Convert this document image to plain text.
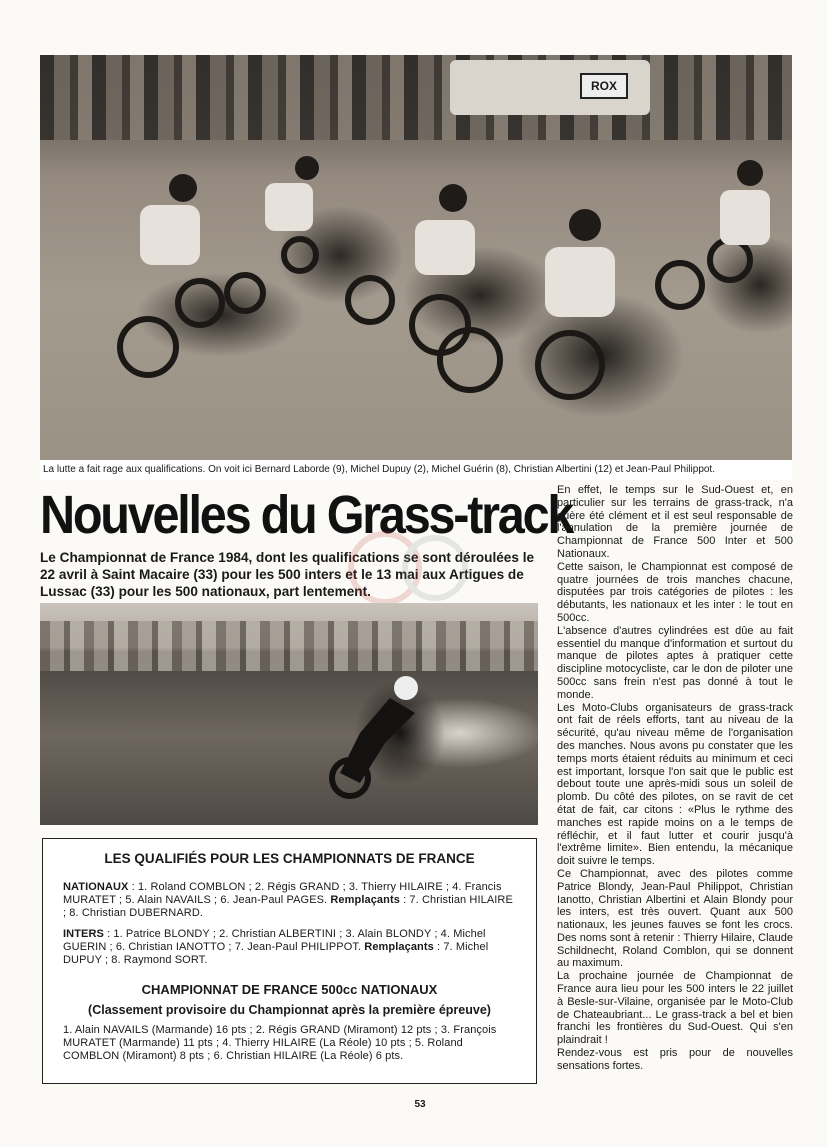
ROX
La lutte a fait rage aux qualifications. On voit ici Bernard Laborde (9), Michel Dupuy (2), Michel Guérin (8), Christian Albertini (12) et Jean-Paul Philippot.
Nouvelles du Grass-track

Le Championnat de France 1984, dont les qualifications se sont déroulées le 22 avril à Saint Macaire (33) pour les 500 inters et le 13 mai aux Artigues de Lussac (33) pour les 500 nationaux, part lentement.

LES QUALIFIÉS POUR LES CHAMPIONNATS DE FRANCE

NATIONAUX : 1. Roland COMBLON ; 2. Régis GRAND ; 3. Thierry HILAIRE ; 4. Francis MURATET ; 5. Alain NAVAILS ; 6. Jean-Paul PAGES. Remplaçants : 7. Christian HILAIRE ; 8. Christian DUBERNARD.

INTERS : 1. Patrice BLONDY ; 2. Christian ALBERTINI ; 3. Alain BLONDY ; 4. Michel GUERIN ; 6. Christian IANOTTO ; 7. Jean-Paul PHILIPPOT. Remplaçants : 7. Michel DUPUY ; 8. Raymond SORT.

CHAMPIONNAT DE FRANCE 500cc NATIONAUX
(Classement provisoire du Championnat après la première épreuve)

1. Alain NAVAILS (Marmande) 16 pts ; 2. Régis GRAND (Miramont) 12 pts ; 3. François MURATET (Marmande) 11 pts ; 4. Thierry HILAIRE (La Réole) 10 pts ; 5. Roland COMBLON (Miramont) 8 pts ; 6. Christian HILAIRE (La Réole) 6 pts.

En effet, le temps sur le Sud-Ouest et, en particulier sur les terrains de grass-track, n'a guère été clément et il est seul responsable de l'annulation de la première journée de Championnat de France 500 Inter et 500 Nationaux.

Cette saison, le Championnat est composé de quatre journées de trois manches chacune, disputées par trois catégories de pilotes : les débutants, les nationaux et les inter : le tout en 500cc.

L'absence d'autres cylindrées est dûe au fait essentiel du manque d'information et surtout du manque de pilotes aptes à pratiquer cette discipline motocycliste, car le don de piloter une 500cc sans frein n'est pas donné à tout le monde.

Les Moto-Clubs organisateurs de grass-track ont fait de réels efforts, tant au niveau de la sécurité, qu'au niveau même de l'organisation des manches. Nous avons pu constater que les temps morts étaient réduits au minimum et ceci est important, lorsque l'on sait que le public est debout toute une après-midi sous un soleil de plomb. Du côté des pilotes, on se ravit de cet état de fait, car citons : «Plus le rythme des manches est rapide moins on a le temps de réfléchir, et il faut lutter et courir jusqu'à l'extrême limite». Bien entendu, la mécanique doit suivre le temps.

Ce Championnat, avec des pilotes comme Patrice Blondy, Jean-Paul Philippot, Christian Ianotto, Christian Albertini et Alain Blondy pour les inters, est très ouvert. Quant aux 500 nationaux, les jeunes fauves se font les crocs. Des noms sont à retenir : Thierry Hilaire, Claude Schildnecht, Roland Comblon, qui se donnent au maximum.

La prochaine journée de Championnat de France aura lieu pour les 500 inters le 22 juillet à Besle-sur-Vilaine, organisée par le Moto-Club de Chateaubriant... Le grass-track a bel et bien franchi les frontières du Sud-Ouest. Qui s'en plaindrait !

Rendez-vous est pris pour de nouvelles sensations fortes.

53
